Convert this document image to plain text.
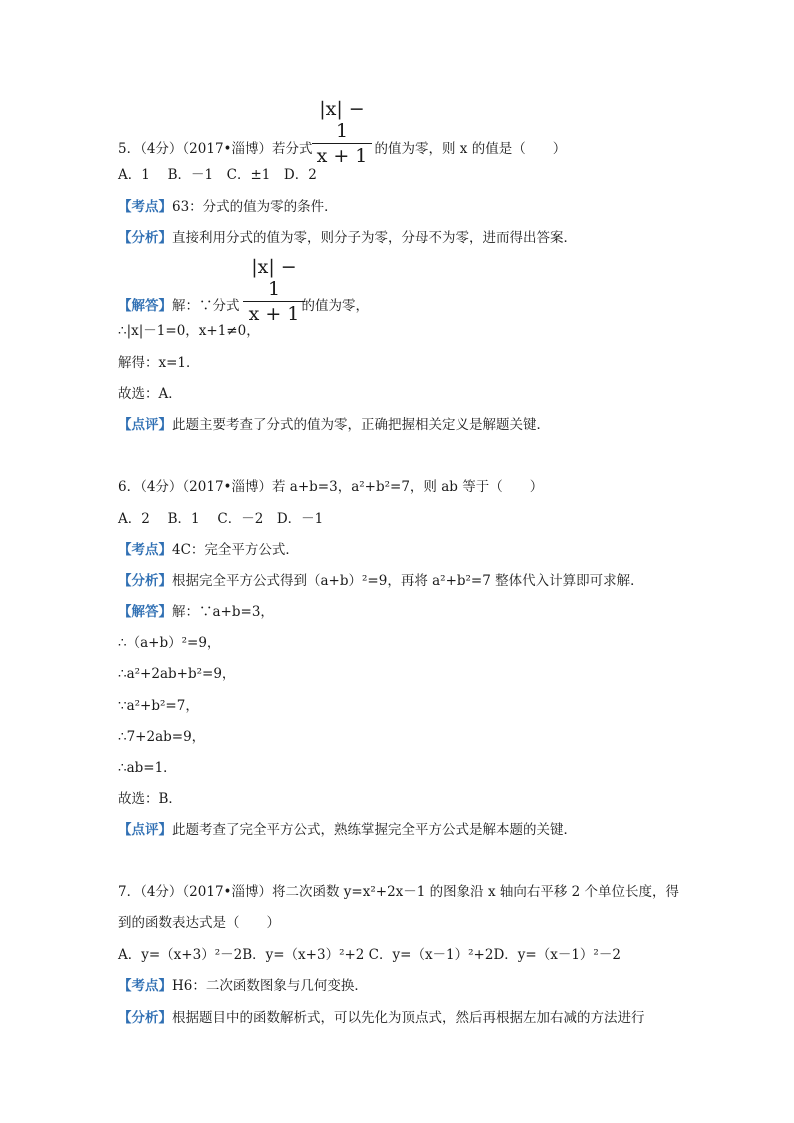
|x| − 1
x + 1
5．（4分）（2017•淄博）若分式	的值为零，则 x 的值是（　　）
A．1　 B．－1　C．±1　D．2
【考点】63：分式的值为零的条件．
【分析】直接利用分式的值为零，则分子为零，分母不为零，进而得出答案．
|x| − 1
x + 1
【解答】解：∵分式	的值为零，
∴|x|－1=0，x+1≠0，
解得：x=1．
故选：A．
【点评】此题主要考查了分式的值为零，正确把握相关定义是解题关键．
6．（4分）（2017•淄博）若 a+b=3，a²+b²=7，则 ab 等于（　　）
A．2　 B．1　 C．－2　D．－1
【考点】4C：完全平方公式．
【分析】根据完全平方公式得到（a+b）²=9，再将 a²+b²=7 整体代入计算即可求解．
【解答】解：∵a+b=3，
∴（a+b）²=9，
∴a²+2ab+b²=9，
∵a²+b²=7，
∴7+2ab=9，
∴ab=1．
故选：B．
【点评】此题考查了完全平方公式，熟练掌握完全平方公式是解本题的关键．
7．（4分）（2017•淄博）将二次函数 y=x²+2x－1 的图象沿 x 轴向右平移 2 个单位长度，得
到的函数表达式是（　　）
A．y=（x+3）²－2B．y=（x+3）²+2 C．y=（x－1）²+2D．y=（x－1）²－2
【考点】H6：二次函数图象与几何变换．
【分析】根据题目中的函数解析式，可以先化为顶点式，然后再根据左加右减的方法进行
